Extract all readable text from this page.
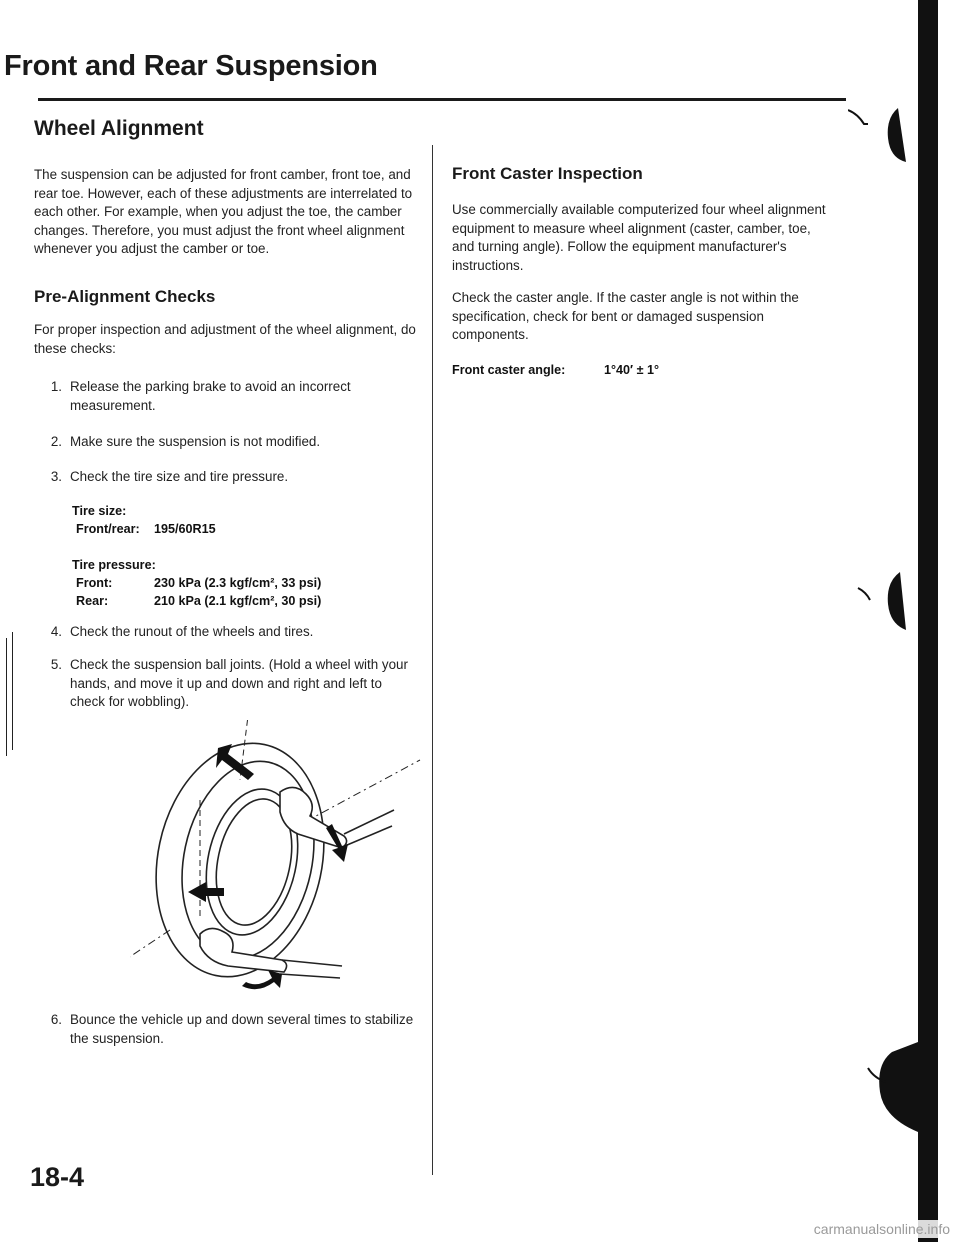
Front and Rear Suspension
Wheel Alignment

The suspension can be adjusted for front camber, front toe, and rear toe. However, each of these adjustments are interrelated to each other. For example, when you adjust the toe, the camber changes. Therefore, you must adjust the front wheel alignment whenever you adjust the camber or toe.

Pre-Alignment Checks

For proper inspection and adjustment of the wheel alignment, do these checks:

1. Release the parking brake to avoid an incorrect measurement.
2. Make sure the suspension is not modified.
3. Check the tire size and tire pressure.
Tire size:
Front/rear: 195/60R15
Tire pressure:
Front:	230 kPa (2.3 kgf/cm², 33 psi)
Rear:	210 kPa (2.1 kgf/cm², 30 psi)
4. Check the runout of the wheels and tires.
5. Check the suspension ball joints. (Hold a wheel with your hands, and move it up and down and right and left to check for wobbling).
6. Bounce the vehicle up and down several times to stabilize the suspension.
Front Caster Inspection

Use commercially available computerized four wheel alignment equipment to measure wheel alignment (caster, camber, toe, and turning angle). Follow the equipment manufacturer's instructions.

Check the caster angle. If the caster angle is not within the specification, check for bent or damaged suspension components.

Front caster angle:	1°40′ ± 1°
18-4
carmanualsonline.info
